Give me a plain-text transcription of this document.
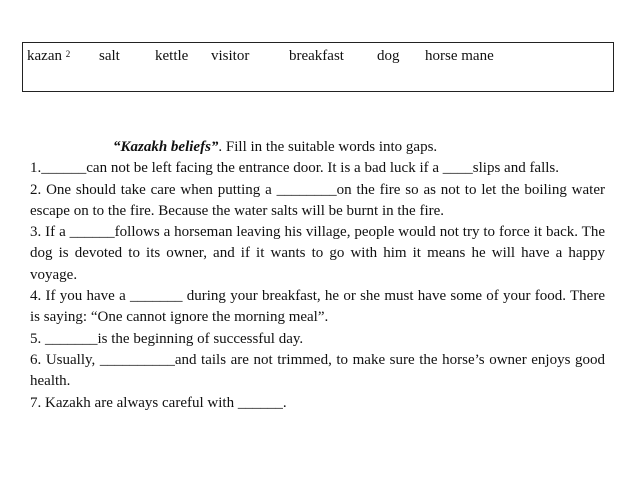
kazan $^2$ salt kettle visitor	breakfast dog horse mane
“Kazakh beliefs”. Fill in the suitable words into gaps.

1.______can not be left facing the entrance door. It is a bad luck if a ____slips and falls.

2. One should take care when putting a ________on the fire so as not to let the boiling water escape on to the fire. Because the water salts will be burnt in the fire.

3. If a ______follows a horseman leaving his village, people would not try to force it back. The dog is devoted to its owner, and if it wants to go with him it means he will have a happy voyage.

4. If you have a _______ during your breakfast, he or she must have some of your food. There is saying: “One cannot ignore the morning meal”.

5. _______is the beginning of successful day.

6. Usually, __________and tails are not trimmed, to make sure the horse’s owner enjoys good health.

7. Kazakh are always careful with ______.
